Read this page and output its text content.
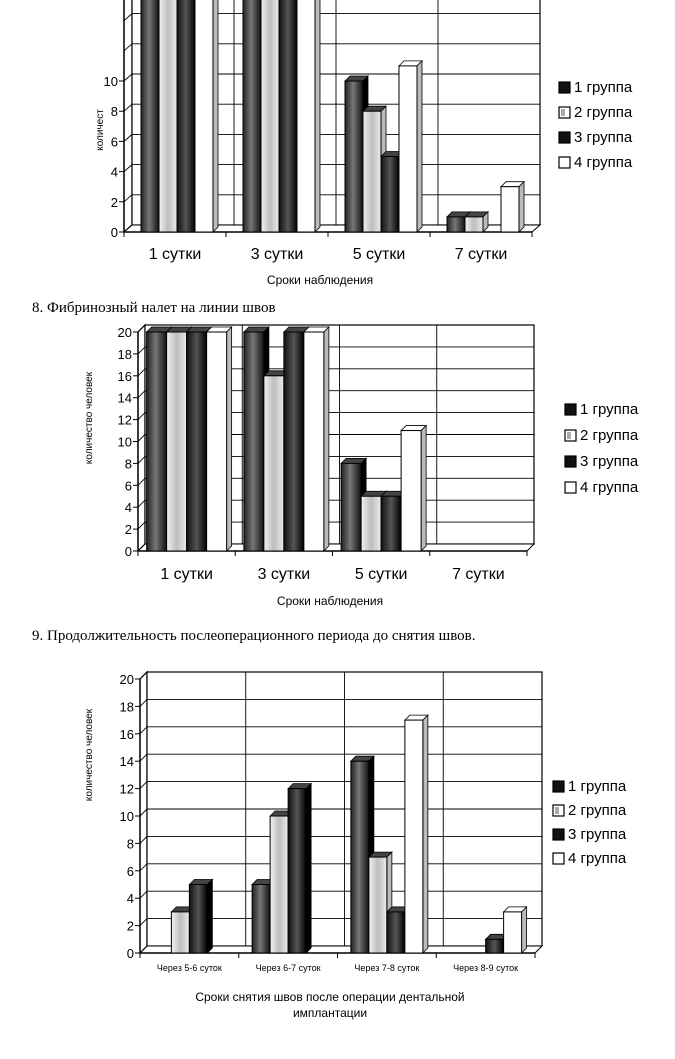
8. Фибринозный налет на линии швов
9. Продолжительность послеоперационного периода до снятия швов.
0
2
4
6
8
10
1 сутки	3 сутки	5 сутки	7 сутки
Сроки наблюдения
количест
1 группа
2 группа
3 группа
4 группа
0
2
4
6
8
10
12
14
16
18
20
1 сутки	3 сутки	5 сутки	7 сутки
Сроки наблюдения
количество человек	1 группа
2 группа
3 группа
4 группа
0
2
4
6
8
10
12
14
16
18
20
Через 5-6 суток	Через 6-7 суток	Через 7-8 суток	Через 8-9 суток
Сроки снятия швов после операции дентальной
имплантации
количество человек	1 группа
2 группа
3 группа
4 группа
